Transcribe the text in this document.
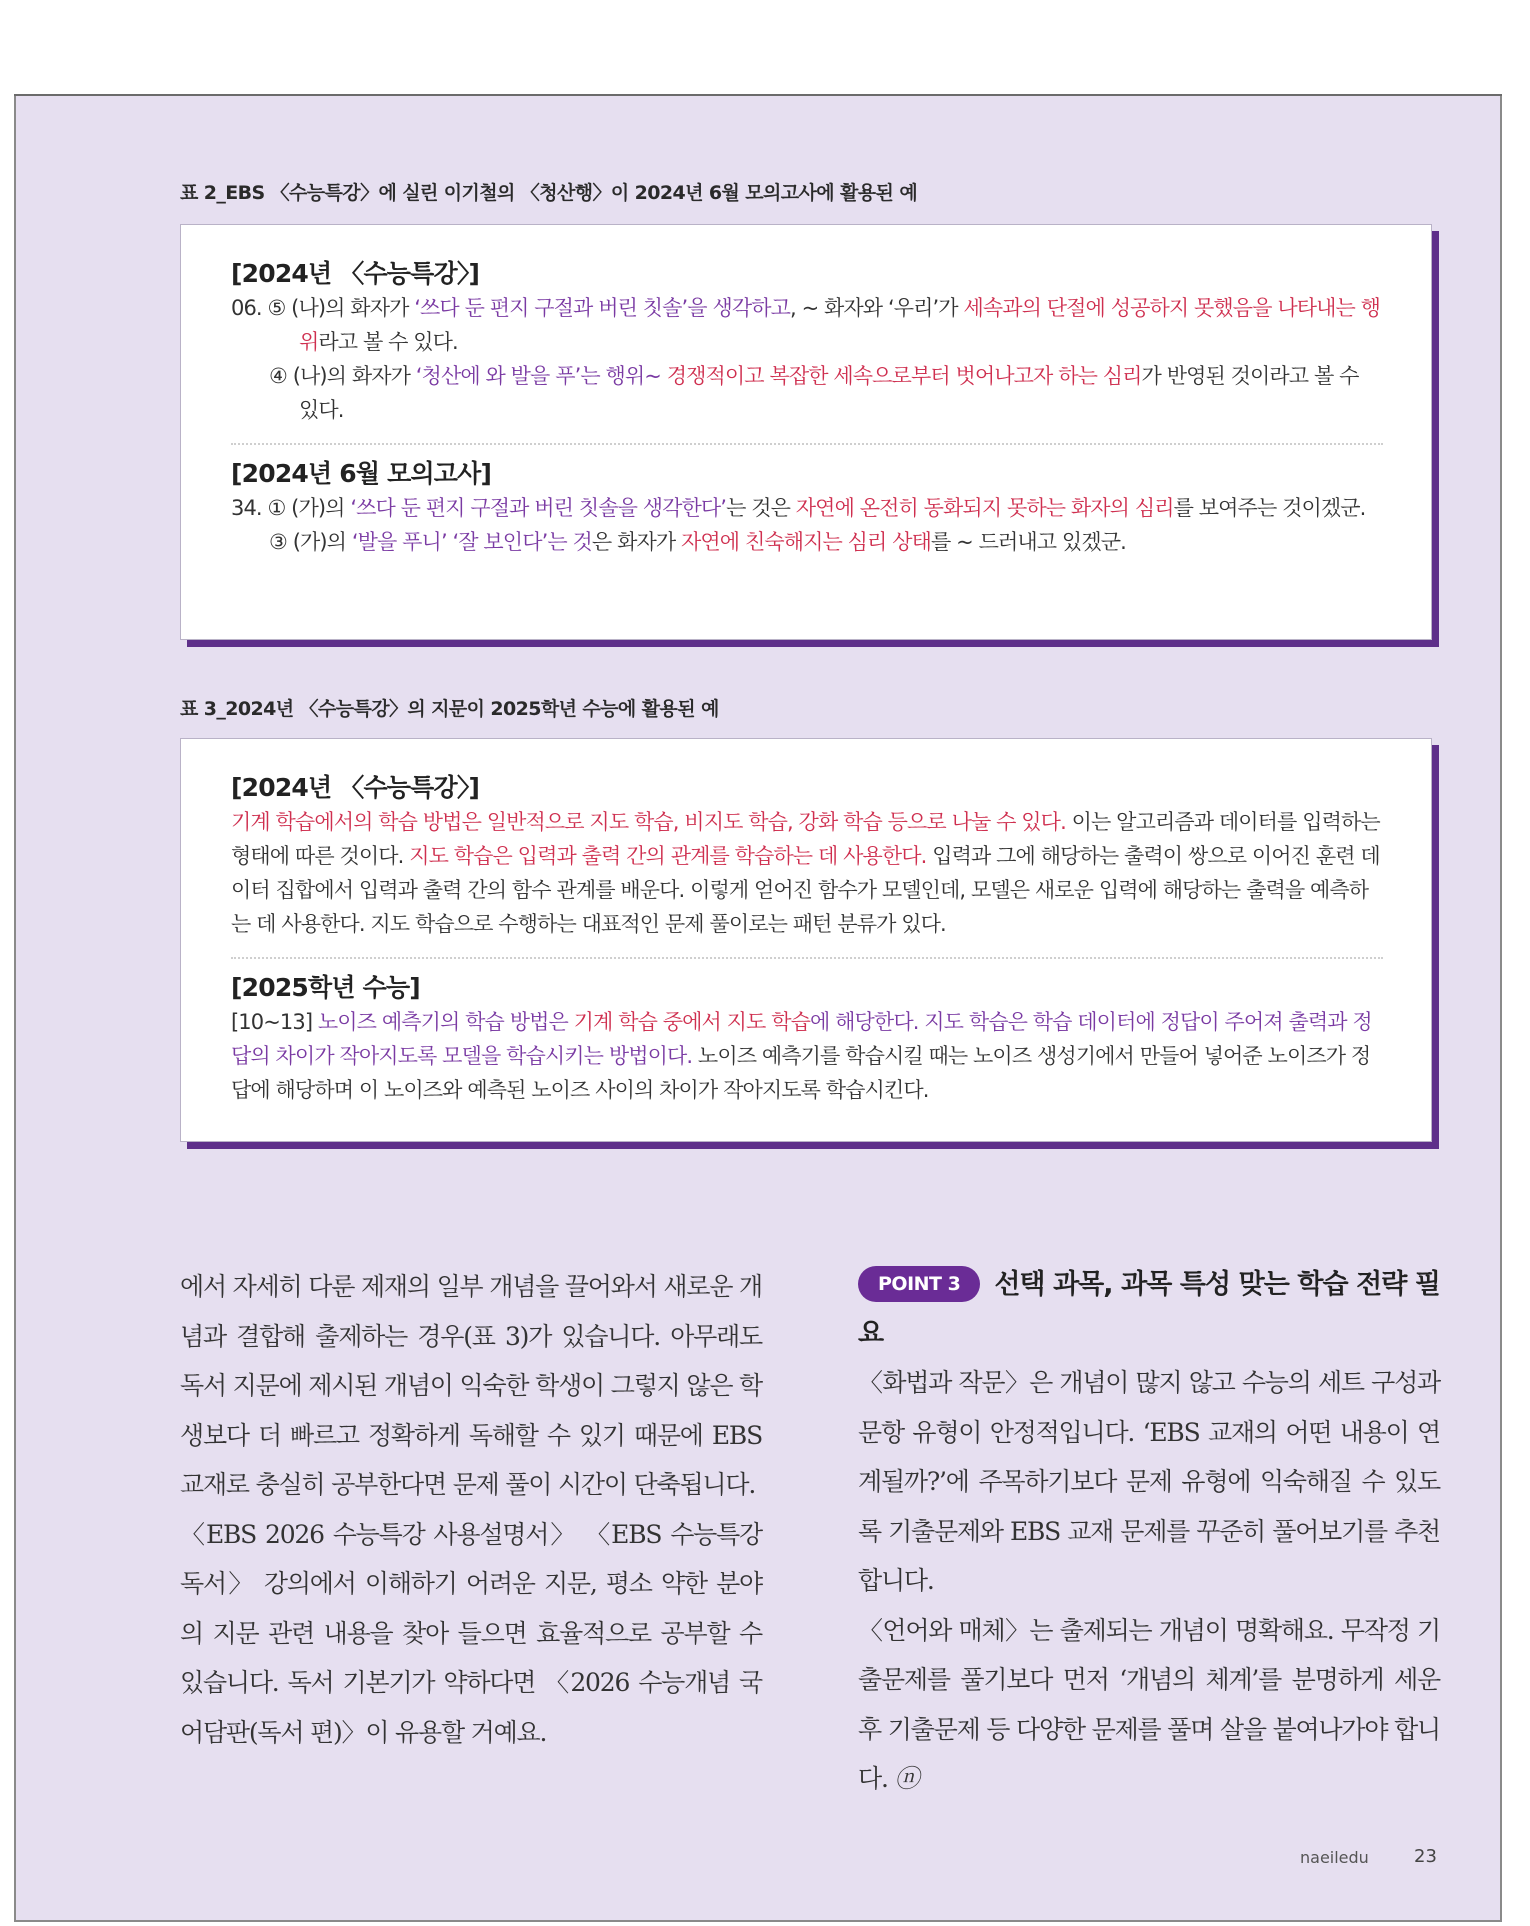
표 2_EBS 〈수능특강〉에 실린 이기철의 〈청산행〉이 2024년 6월 모의고사에 활용된 예
[2024년 〈수능특강〉]

06. ⑤ (나)의 화자가 ‘쓰다 둔 편지 구절과 버린 칫솔’을 생각하고, ~ 화자와 ‘우리’가 세속과의 단절에 성공하지 못했음을 나타내는 행위라고 볼 수 있다.

④ (나)의 화자가 ‘청산에 와 발을 푸’는 행위~ 경쟁적이고 복잡한 세속으로부터 벗어나고자 하는 심리가 반영된 것이라고 볼 수 있다.

[2024년 6월 모의고사]

34. ① (가)의 ‘쓰다 둔 편지 구절과 버린 칫솔을 생각한다’는 것은 자연에 온전히 동화되지 못하는 화자의 심리를 보여주는 것이겠군.

③ (가)의 ‘발을 푸니’ ‘잘 보인다’는 것은 화자가 자연에 친숙해지는 심리 상태를 ~ 드러내고 있겠군.

표 3_2024년 〈수능특강〉의 지문이 2025학년 수능에 활용된 예
[2024년 〈수능특강〉]

기계 학습에서의 학습 방법은 일반적으로 지도 학습, 비지도 학습, 강화 학습 등으로 나눌 수 있다. 이는 알고리즘과 데이터를 입력하는 형태에 따른 것이다. 지도 학습은 입력과 출력 간의 관계를 학습하는 데 사용한다. 입력과 그에 해당하는 출력이 쌍으로 이어진 훈련 데이터 집합에서 입력과 출력 간의 함수 관계를 배운다. 이렇게 얻어진 함수가 모델인데, 모델은 새로운 입력에 해당하는 출력을 예측하는 데 사용한다. 지도 학습으로 수행하는 대표적인 문제 풀이로는 패턴 분류가 있다.

[2025학년 수능]

[10~13] 노이즈 예측기의 학습 방법은 기계 학습 중에서 지도 학습에 해당한다. 지도 학습은 학습 데이터에 정답이 주어져 출력과 정답의 차이가 작아지도록 모델을 학습시키는 방법이다. 노이즈 예측기를 학습시킬 때는 노이즈 생성기에서 만들어 넣어준 노이즈가 정답에 해당하며 이 노이즈와 예측된 노이즈 사이의 차이가 작아지도록 학습시킨다.

에서 자세히 다룬 제재의 일부 개념을 끌어와서 새로운 개념과 결합해 출제하는 경우(표 3)가 있습니다. 아무래도 독서 지문에 제시된 개념이 익숙한 학생이 그렇지 않은 학생보다 더 빠르고 정확하게 독해할 수 있기 때문에 EBS 교재로 충실히 공부한다면 문제 풀이 시간이 단축됩니다.

〈EBS 2026 수능특강 사용설명서〉 〈EBS 수능특강 독서〉 강의에서 이해하기 어려운 지문, 평소 약한 분야의 지문 관련 내용을 찾아 들으면 효율적으로 공부할 수 있습니다. 독서 기본기가 약하다면 〈2026 수능개념 국어담판(독서 편)〉이 유용할 거예요.

POINT 3 선택 과목, 과목 특성 맞는 학습 전략 필요

〈화법과 작문〉은 개념이 많지 않고 수능의 세트 구성과 문항 유형이 안정적입니다. ‘EBS 교재의 어떤 내용이 연계될까?’에 주목하기보다 문제 유형에 익숙해질 수 있도록 기출문제와 EBS 교재 문제를 꾸준히 풀어보기를 추천합니다.

〈언어와 매체〉는 출제되는 개념이 명확해요. 무작정 기출문제를 풀기보다 먼저 ‘개념의 체계’를 분명하게 세운 후 기출문제 등 다양한 문제를 풀며 살을 붙여나가야 합니다. ⓝ

naeiledu	23
